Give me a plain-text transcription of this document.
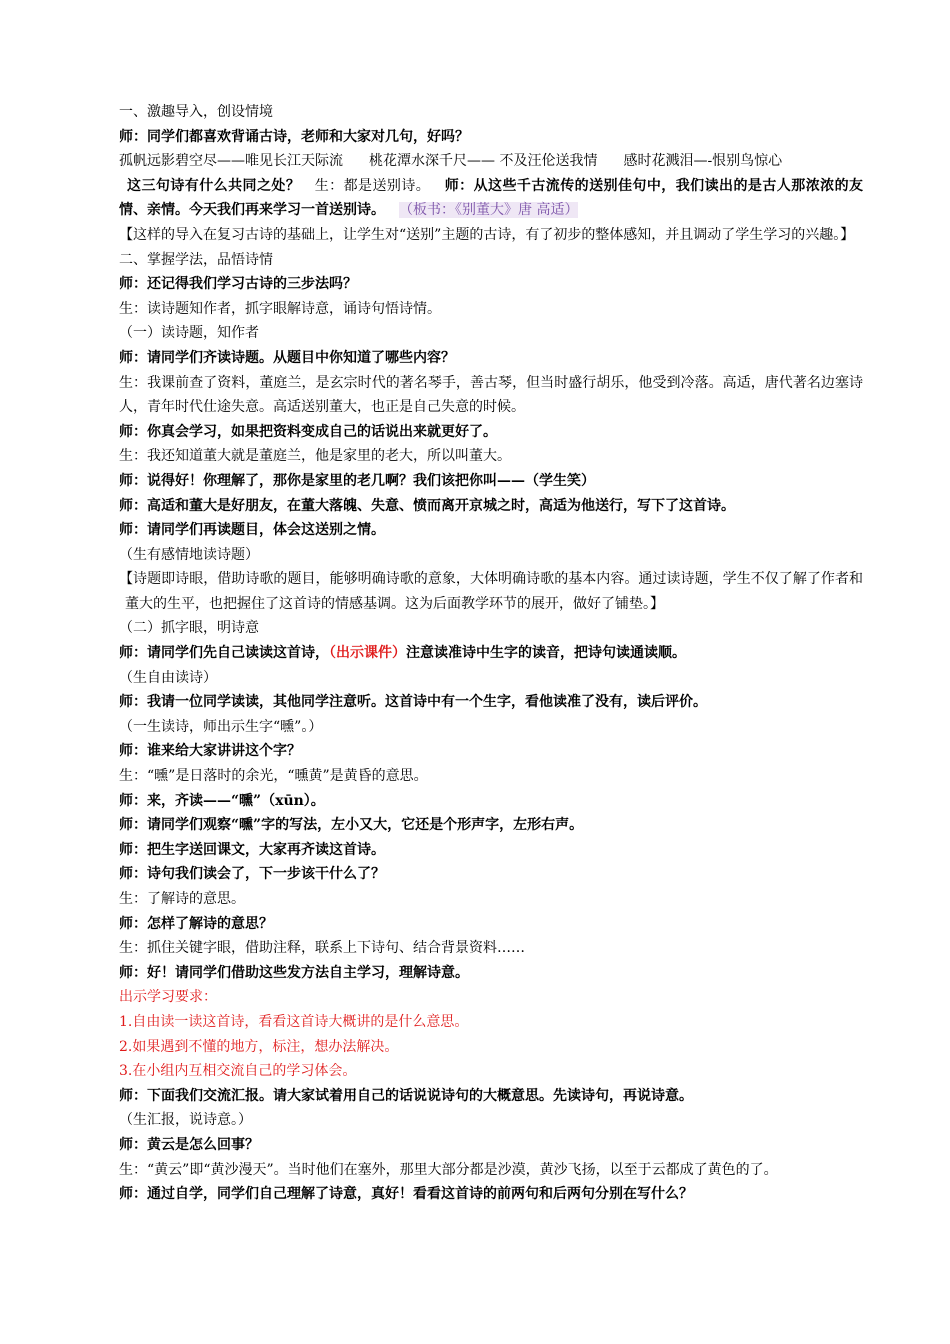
一、激趣导入，创设情境

师：同学们都喜欢背诵古诗，老师和大家对几句，好吗？

孤帆远影碧空尽——唯见长江天际流 桃花潭水深千尺—— 不及汪伦送我情 感时花溅泪—-恨别鸟惊心

这三句诗有什么共同之处？ 生：都是送别诗。 师：从这些千古流传的送别佳句中，我们读出的是古人那浓浓的友情、亲情。今天我们再来学习一首送别诗。 （板书：《别董大》唐 高适）

【这样的导入在复习古诗的基础上，让学生对“送别”主题的古诗，有了初步的整体感知，并且调动了学生学习的兴趣。】

二、掌握学法，品悟诗情

师：还记得我们学习古诗的三步法吗？

生：读诗题知作者，抓字眼解诗意，诵诗句悟诗情。

（一）读诗题，知作者

师：请同学们齐读诗题。从题目中你知道了哪些内容？

生：我课前查了资料，董庭兰，是玄宗时代的著名琴手，善古琴，但当时盛行胡乐，他受到冷落。高适，唐代著名边塞诗人，青年时代仕途失意。高适送别董大，也正是自己失意的时候。

师：你真会学习，如果把资料变成自己的话说出来就更好了。

生：我还知道董大就是董庭兰，他是家里的老大，所以叫董大。

师：说得好！你理解了，那你是家里的老几啊？我们该把你叫——（学生笑）

师：高适和董大是好朋友，在董大落魄、失意、愤而离开京城之时，高适为他送行，写下了这首诗。

师：请同学们再读题目，体会这送别之情。

（生有感情地读诗题）

【诗题即诗眼，借助诗歌的题目，能够明确诗歌的意象，大体明确诗歌的基本内容。通过读诗题，学生不仅了解了作者和董大的生平，也把握住了这首诗的情感基调。这为后面教学环节的展开，做好了铺垫。】

（二）抓字眼，明诗意

师：请同学们先自己读读这首诗，（出示课件）注意读准诗中生字的读音，把诗句读通读顺。

（生自由读诗）

师：我请一位同学读读，其他同学注意听。这首诗中有一个生字，看他读准了没有，读后评价。

（一生读诗，师出示生字“曛”。）

师：谁来给大家讲讲这个字？

生：“曛”是日落时的余光，“曛黄”是黄昏的意思。

师：来，齐读——“曛”（xūn）。

师：请同学们观察“曛”字的写法，左小又大，它还是个形声字，左形右声。

师：把生字送回课文，大家再齐读这首诗。

师：诗句我们读会了，下一步该干什么了？

生：了解诗的意思。

师：怎样了解诗的意思？

生：抓住关键字眼，借助注释，联系上下诗句、结合背景资料……

师：好！请同学们借助这些发方法自主学习，理解诗意。

出示学习要求：

1.自由读一读这首诗，看看这首诗大概讲的是什么意思。

2.如果遇到不懂的地方，标注，想办法解决。

3.在小组内互相交流自己的学习体会。

师：下面我们交流汇报。请大家试着用自己的话说说诗句的大概意思。先读诗句，再说诗意。

（生汇报，说诗意。）

师：黄云是怎么回事？

生：“黄云”即“黄沙漫天”。当时他们在塞外，那里大部分都是沙漠，黄沙飞扬，以至于云都成了黄色的了。

师：通过自学，同学们自己理解了诗意，真好！看看这首诗的前两句和后两句分别在写什么？
